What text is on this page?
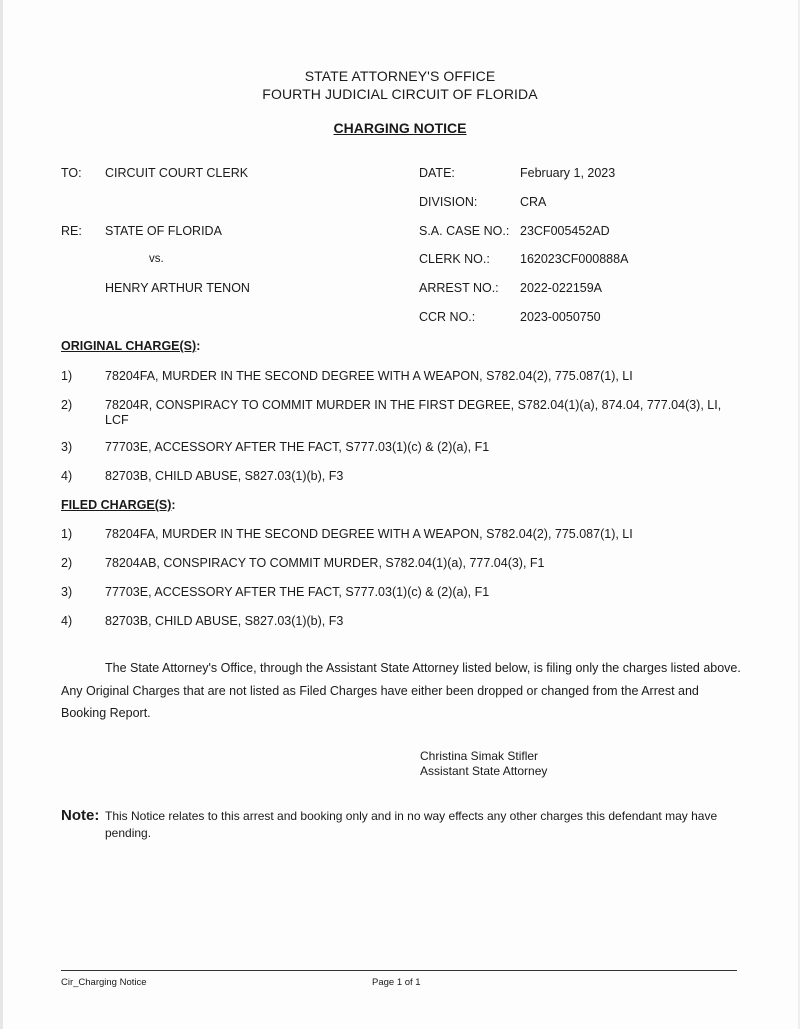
STATE ATTORNEY'S OFFICE
FOURTH JUDICIAL CIRCUIT OF FLORIDA
CHARGING NOTICE
TO: CIRCUIT COURT CLERK
RE: STATE OF FLORIDA
vs.
HENRY ARTHUR TENON
DATE:	February 1, 2023
DIVISION:	CRA
S.A. CASE NO.: 23CF005452AD
CLERK NO.: 162023CF000888A
ARREST NO.: 2022-022159A
CCR NO.:	2023-0050750
ORIGINAL CHARGE(S):
1)	78204FA, MURDER IN THE SECOND DEGREE WITH A WEAPON, S782.04(2), 775.087(1), LI
2)	78204R, CONSPIRACY TO COMMIT MURDER IN THE FIRST DEGREE, S782.04(1)(a), 874.04, 777.04(3), LI, LCF
3)	77703E, ACCESSORY AFTER THE FACT, S777.03(1)(c) & (2)(a), F1
4)	82703B, CHILD ABUSE, S827.03(1)(b), F3
FILED CHARGE(S):
1)	78204FA, MURDER IN THE SECOND DEGREE WITH A WEAPON, S782.04(2), 775.087(1), LI
2)	78204AB, CONSPIRACY TO COMMIT MURDER, S782.04(1)(a), 777.04(3), F1
3)	77703E, ACCESSORY AFTER THE FACT, S777.03(1)(c) & (2)(a), F1
4)	82703B, CHILD ABUSE, S827.03(1)(b), F3
The State Attorney's Office, through the Assistant State Attorney listed below, is filing only the charges listed above. Any Original Charges that are not listed as Filed Charges have either been dropped or changed from the Arrest and Booking Report.
Christina Simak Stifler
Assistant State Attorney
Note: This Notice relates to this arrest and booking only and in no way effects any other charges this defendant may have pending.
Cir_Charging Notice	Page 1 of 1
